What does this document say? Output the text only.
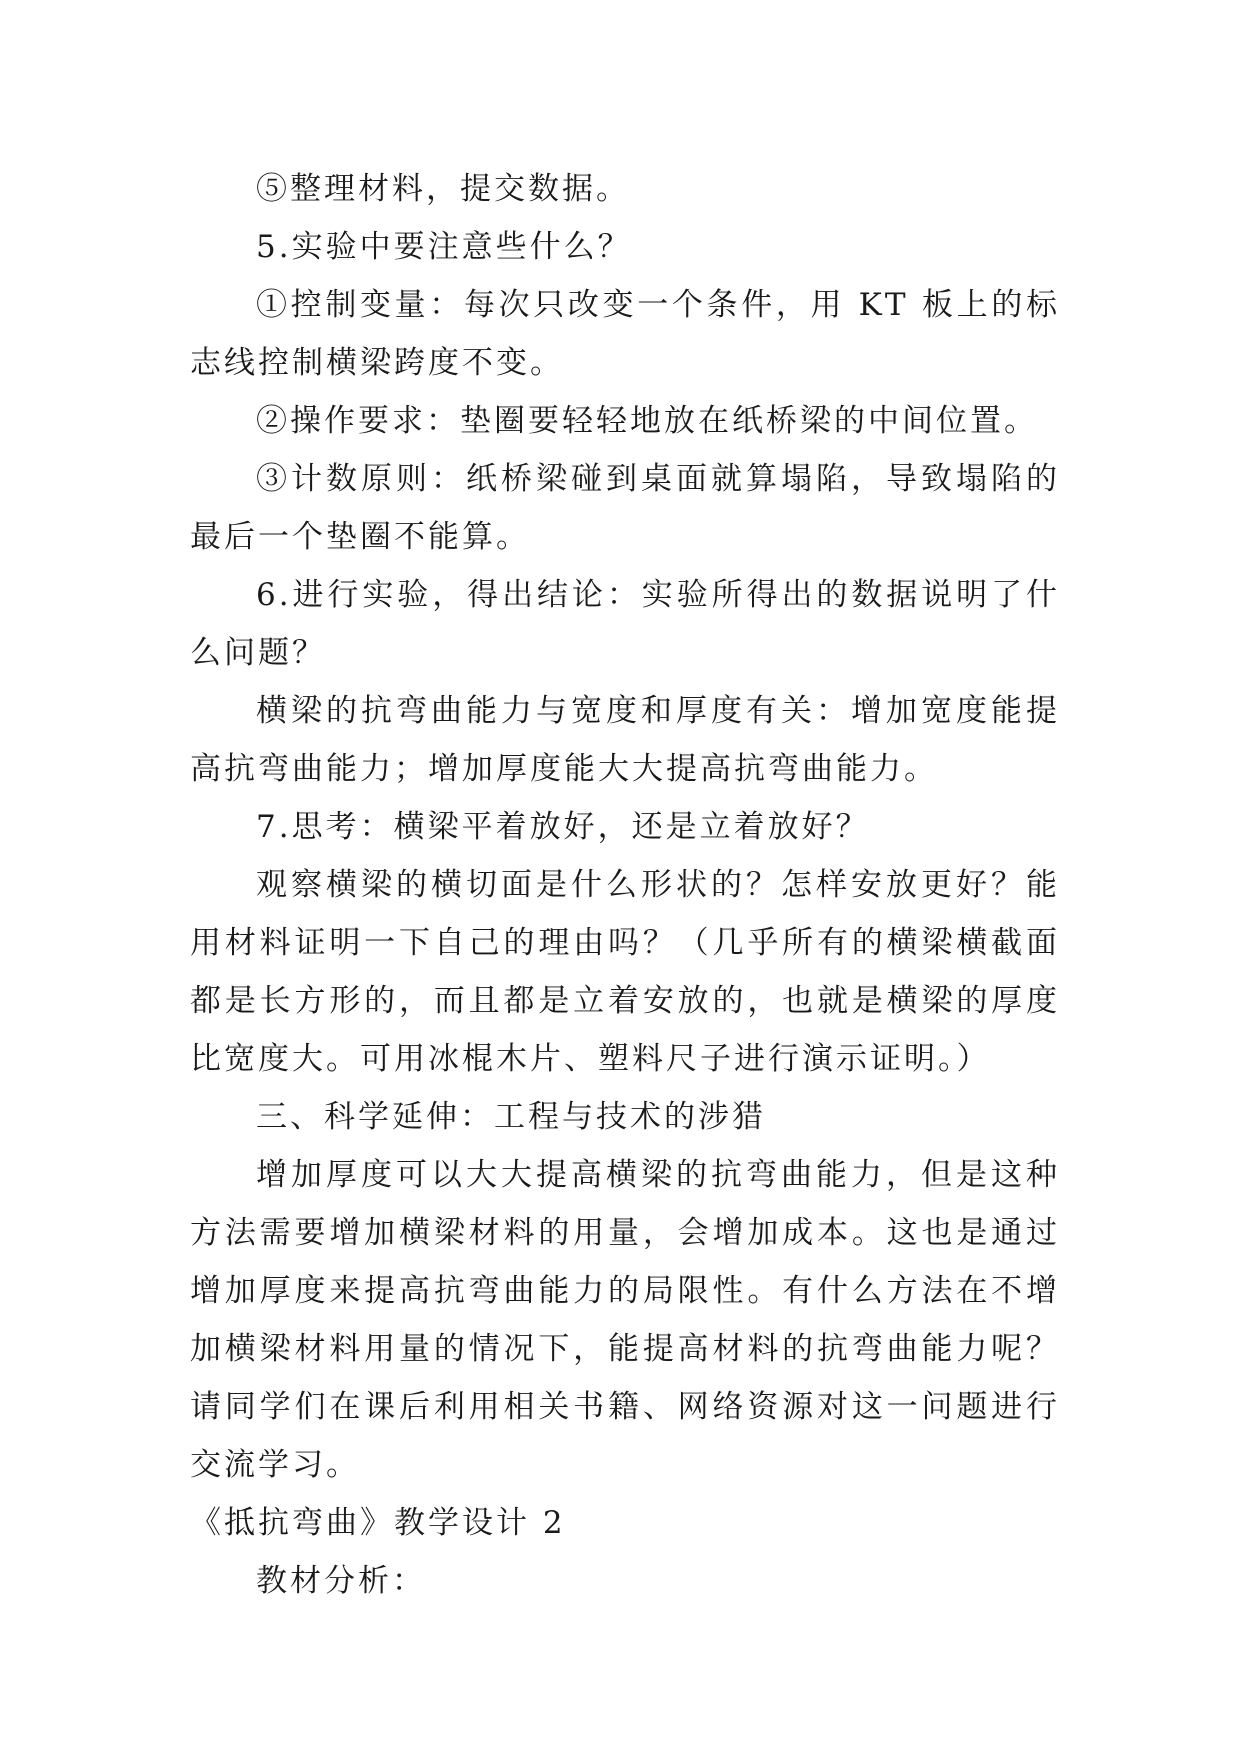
⑤整理材料，提交数据。

5.实验中要注意些什么？

①控制变量：每次只改变一个条件，用 KT 板上的标志线控制横梁跨度不变。

②操作要求：垫圈要轻轻地放在纸桥梁的中间位置。

③计数原则：纸桥梁碰到桌面就算塌陷，导致塌陷的最后一个垫圈不能算。

6.进行实验，得出结论：实验所得出的数据说明了什么问题？

横梁的抗弯曲能力与宽度和厚度有关：增加宽度能提高抗弯曲能力；增加厚度能大大提高抗弯曲能力。

7.思考：横梁平着放好，还是立着放好？

观察横梁的横切面是什么形状的？怎样安放更好？能用材料证明一下自己的理由吗？（几乎所有的横梁横截面都是长方形的，而且都是立着安放的，也就是横梁的厚度比宽度大。可用冰棍木片、塑料尺子进行演示证明。）

三、科学延伸：工程与技术的涉猎

增加厚度可以大大提高横梁的抗弯曲能力，但是这种方法需要增加横梁材料的用量，会增加成本。这也是通过增加厚度来提高抗弯曲能力的局限性。有什么方法在不增加横梁材料用量的情况下，能提高材料的抗弯曲能力呢？请同学们在课后利用相关书籍、网络资源对这一问题进行交流学习。

《抵抗弯曲》教学设计 2

教材分析：
